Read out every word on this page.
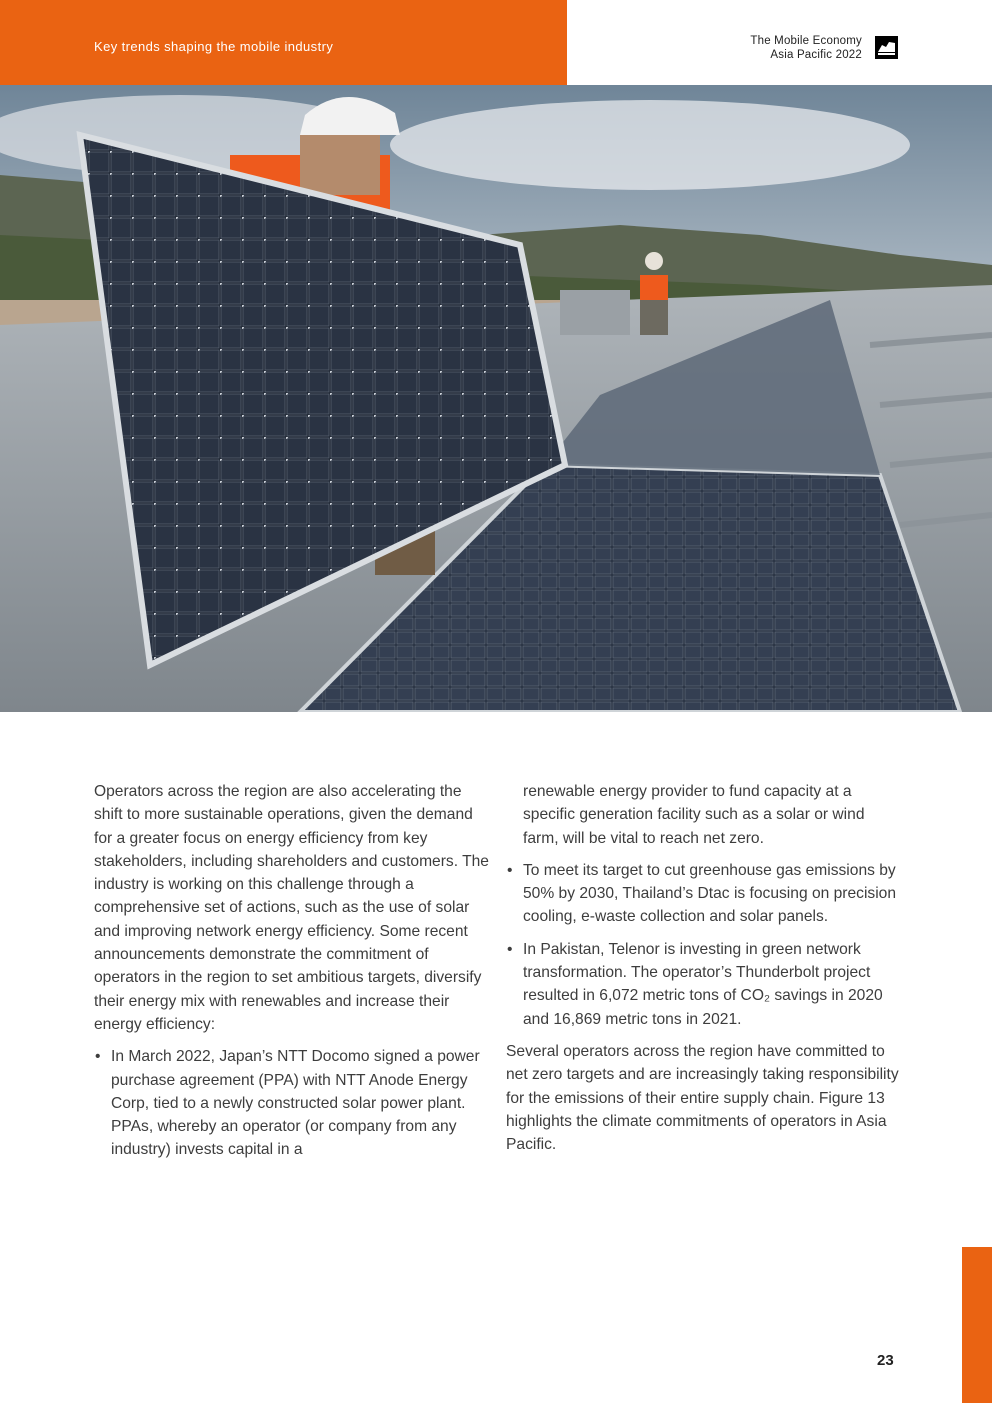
Key trends shaping the mobile industry	The Mobile Economy
Asia Pacific 2022

Operators across the region are also accelerating the shift to more sustainable operations, given the demand for a greater focus on energy efficiency from key stakeholders, including shareholders and customers. The industry is working on this challenge through a comprehensive set of actions, such as the use of solar and improving network energy efficiency. Some recent announcements demonstrate the commitment of operators in the region to set ambitious targets, diversify their energy mix with renewables and increase their energy efficiency:

• In March 2022, Japan’s NTT Docomo signed a power purchase agreement (PPA) with NTT Anode Energy Corp, tied to a newly constructed solar power plant. PPAs, whereby an operator (or company from any industry) invests capital in a

renewable energy provider to fund capacity at a specific generation facility such as a solar or wind farm, will be vital to reach net zero.

• To meet its target to cut greenhouse gas emissions by 50% by 2030, Thailand’s Dtac is focusing on precision cooling, e-waste collection and solar panels.
• In Pakistan, Telenor is investing in green network transformation. The operator’s Thunderbolt project resulted in 6,072 metric tons of CO₂ savings in 2020 and 16,869 metric tons in 2021.

Several operators across the region have committed to net zero targets and are increasingly taking responsibility for the emissions of their entire supply chain. Figure 13 highlights the climate commitments of operators in Asia Pacific.

23
